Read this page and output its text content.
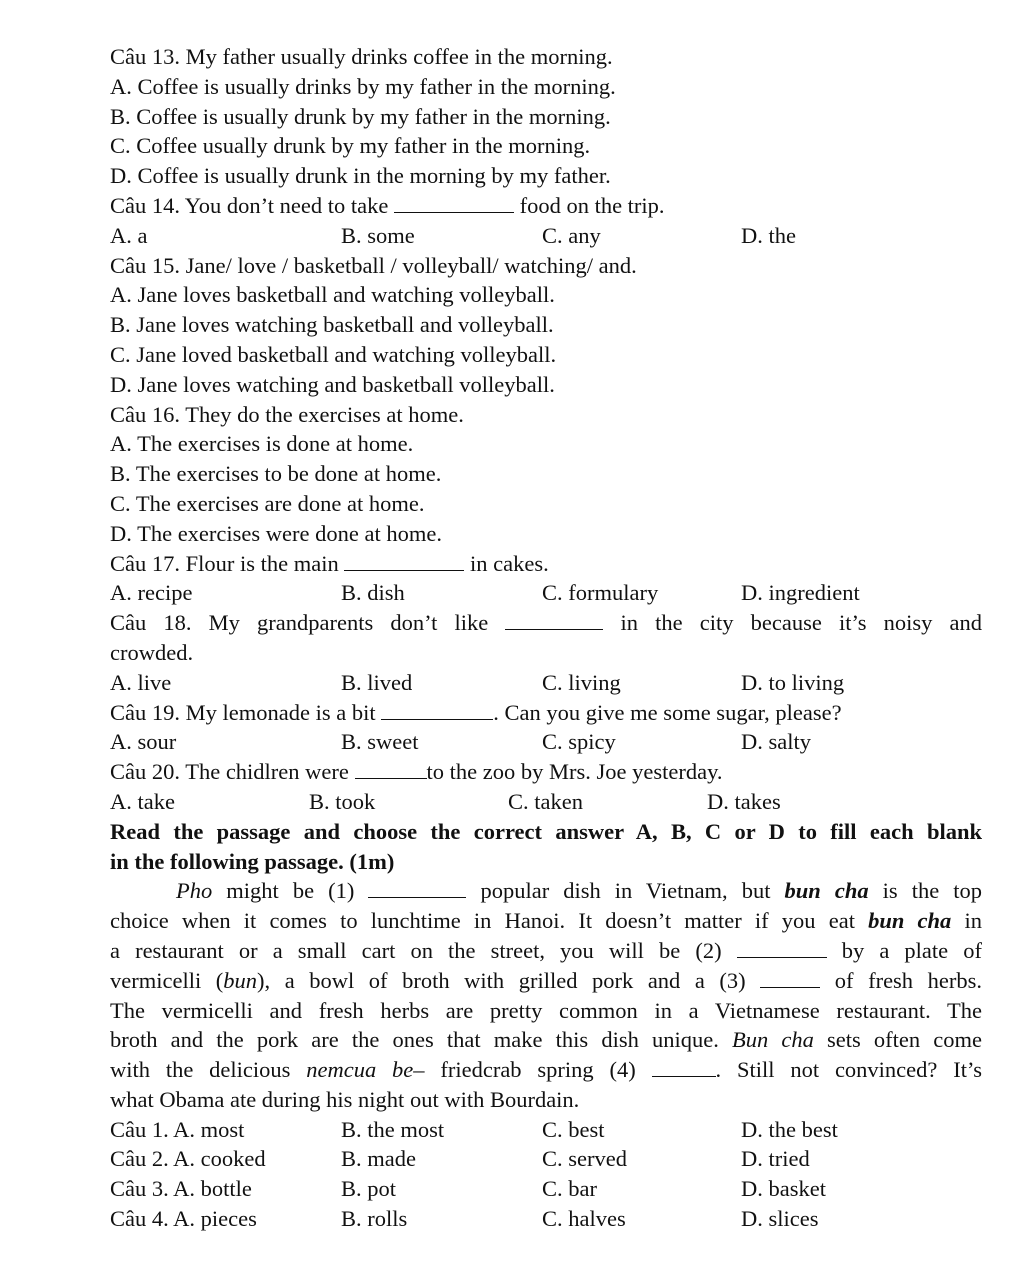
Câu 13. My father usually drinks coffee in the morning.
A. Coffee is usually drinks by my father in the morning.
B. Coffee is usually drunk by my father in the morning.
C. Coffee usually drunk by my father in the morning.
D. Coffee is usually drunk in the morning by my father.
Câu 14. You don’t need to take	food on the trip.
A. a	B. some	C. any	D. the
Câu 15. Jane/ love / basketball / volleyball/ watching/ and.
A. Jane loves basketball and watching volleyball.
B. Jane loves watching basketball and volleyball.
C. Jane loved basketball and watching volleyball.
D. Jane loves watching and basketball volleyball.
Câu 16. They do the exercises at home.
A. The exercises is done at home.
B. The exercises to be done at home.
C. The exercises are done at home.
D. The exercises were done at home.
Câu 17. Flour is the main	in cakes.
A. recipe	B. dish	C. formulary	D. ingredient
Câu 18. My grandparents don’t like	in the city because it’s noisy and
crowded.
A. live	B. lived	C. living	D. to living
Câu 19. My lemonade is a bit	. Can you give me some sugar, please?
A. sour	B. sweet	C. spicy	D. salty
Câu 20. The chidlren were	to the zoo by Mrs. Joe yesterday.
A. take	B. took	C. taken	D. takes
Read the passage and choose the correct answer A, B, C or D to fill each blank
in the following passage. (1m)
Pho might be (1)	popular dish in Vietnam, but bun cha is the top
choice when it comes to lunchtime in Hanoi. It doesn’t matter if you eat bun cha in
a restaurant or a small cart on the street, you will be (2)	by a plate of
vermicelli (bun), a bowl of broth with grilled pork and a (3)	of fresh herbs.
The vermicelli and fresh herbs are pretty common in a Vietnamese restaurant. The
broth and the pork are the ones that make this dish unique. Bun cha sets often come
with the delicious nemcua be– friedcrab spring (4)	. Still not convinced? It’s
what Obama ate during his night out with Bourdain.
Câu 1. A. most	B. the most	C. best	D. the best
Câu 2. A. cooked	B. made	C. served	D. tried
Câu 3. A. bottle	B. pot	C. bar	D. basket
Câu 4. A. pieces	B. rolls	C. halves	D. slices
